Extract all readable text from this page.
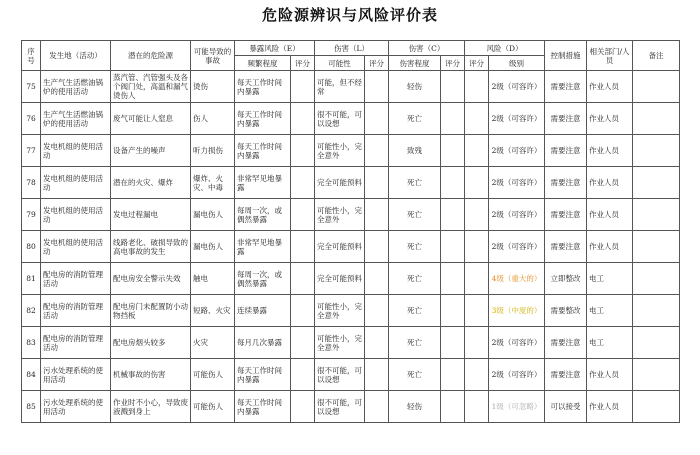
危险源辨识与风险评价表
序号	发生地（活动）	潜在的危险源	可能导致的事故	暴露风险（E）		伤害（L）		伤害（C）		风险（D）		控制措施	相关部门/人员	备注
				频繁程度	评分	可能性	评分	伤害程度	评分	评分	级别			
75	生产气生活燃油锅炉的使用活动	蒸汽管、汽管强头及各个阀门处，高温和漏气烫伤人	烫伤	每天工作时间内暴露		可能，但不经常		轻伤			2级（可容许）	需要注意	作业人员	
76	生产气生活燃油锅炉的使用活动	废气可能让人窒息	伤人	每天工作时间内暴露		很不可能，可以设想		死亡			2级（可容许）	需要注意	作业人员	
77	发电机组的使用活动	设备产生的噪声	听力损伤	每天工作时间内暴露		可能性小，完全意外		致残			2级（可容许）	需要注意	作业人员	
78	发电机组的使用活动	潜在的火灾、爆炸	爆炸、火灾、中毒	非常罕见地暴露		完全可能预料		死亡			2级（可容许）	需要注意	作业人员	
79	发电机组的使用活动	发电过程漏电	漏电伤人	每周一次，或偶然暴露		可能性小，完全意外		死亡			2级（可容许）	需要注意	作业人员	
80	发电机组的使用活动	线路老化、破损导致的高电事故的发生	漏电伤人	非常罕见地暴露		完全可能预料		死亡			2级（可容许）	需要注意	作业人员	
81	配电房的消防管理活动	配电房安全警示失效	触电	每周一次，或偶然暴露		完全可能预料		死亡			4级（重大的）	立即整改	电工	
82	配电房的消防管理活动	配电房门未配置防小动物挡板	短路、火灾	连续暴露		可能性小，完全意外		死亡			3级（中度的）	需要整改	电工	
83	配电房的消防管理活动	配电房烟头较多	火灾	每月几次暴露		可能性小，完全意外		死亡			2级（可容许）	需要注意	电工	
84	污水处理系统的使用活动	机械事故的伤害	可能伤人	每天工作时间内暴露		很不可能，可以设想		死亡			2级（可容许）	需要注意	作业人员	
85	污水处理系统的使用活动	作业时不小心，导致废液溅到身上	可能伤人	每天工作时间内暴露		很不可能，可以设想		轻伤			1级（可忽略）	可以接受	作业人员	
